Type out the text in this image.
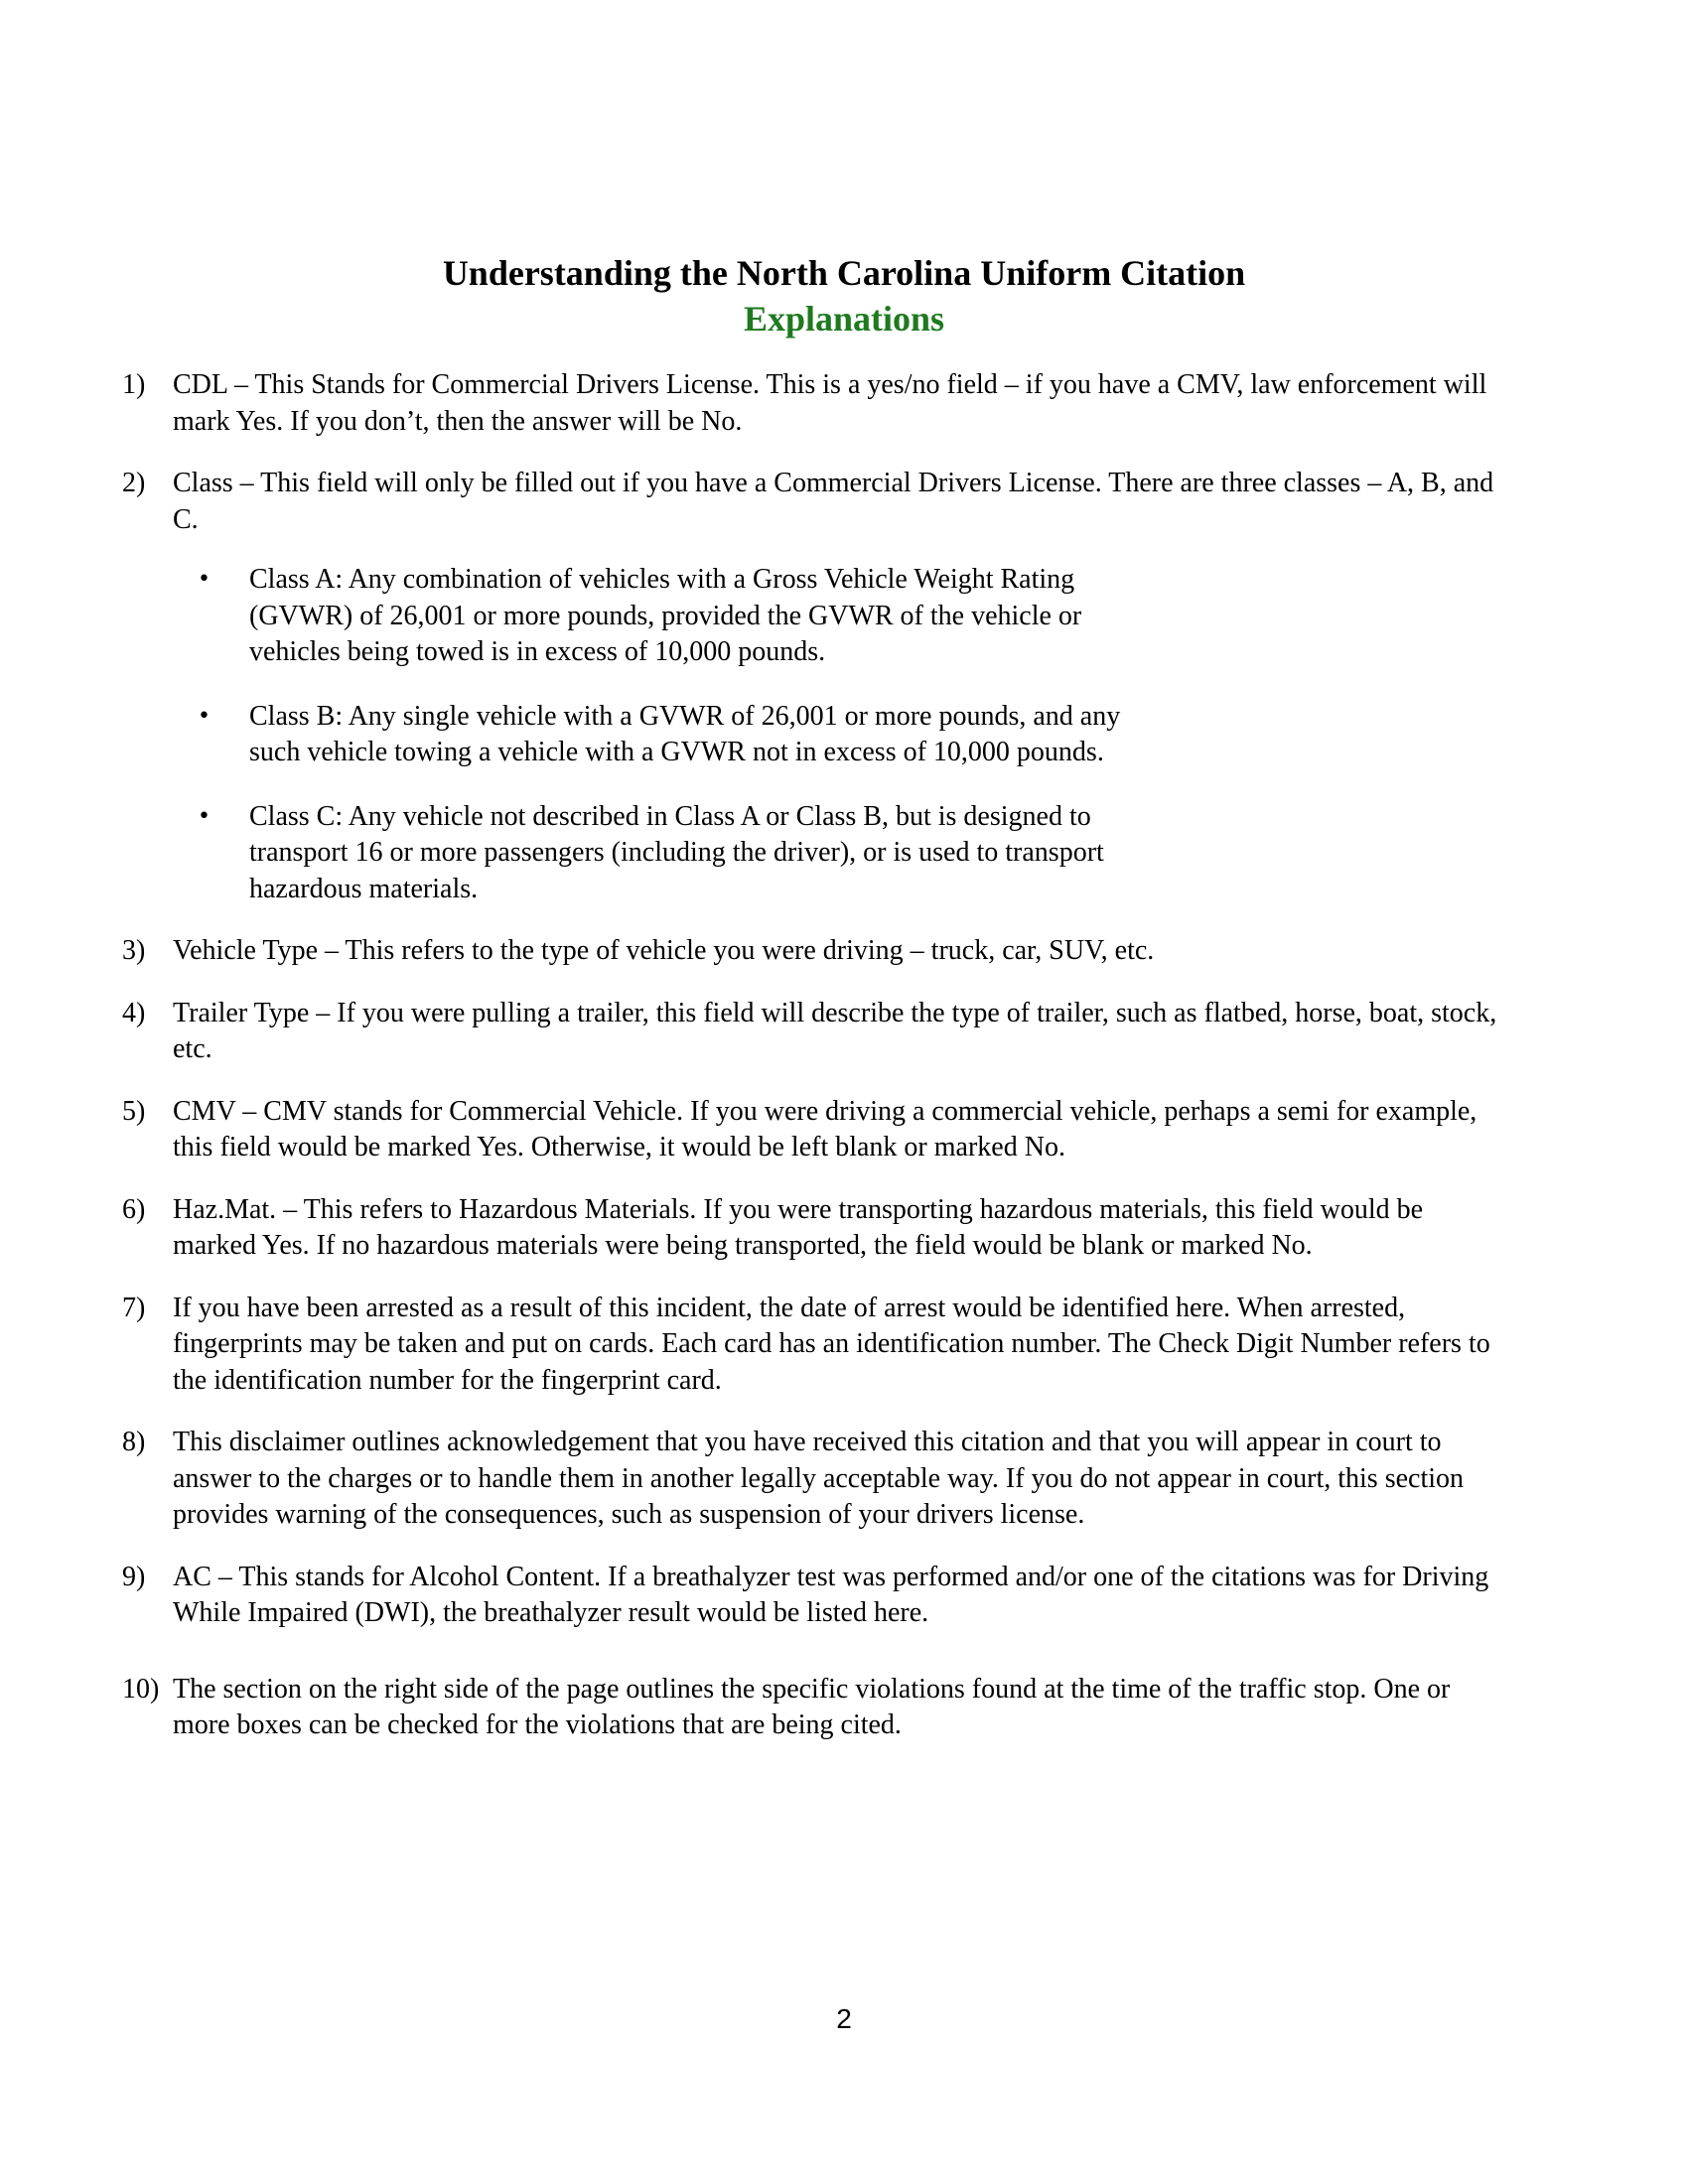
Understanding the North Carolina Uniform Citation
Explanations
1) CDL – This Stands for Commercial Drivers License. This is a yes/no field – if you have a CMV, law enforcement will mark Yes. If you don’t, then the answer will be No.
2) Class – This field will only be filled out if you have a Commercial Drivers License. There are three classes – A, B, and C.
• Class A: Any combination of vehicles with a Gross Vehicle Weight Rating (GVWR) of 26,001 or more pounds, provided the GVWR of the vehicle or vehicles being towed is in excess of 10,000 pounds.
• Class B: Any single vehicle with a GVWR of 26,001 or more pounds, and any such vehicle towing a vehicle with a GVWR not in excess of 10,000 pounds.
• Class C: Any vehicle not described in Class A or Class B, but is designed to transport 16 or more passengers (including the driver), or is used to transport hazardous materials.
3) Vehicle Type – This refers to the type of vehicle you were driving – truck, car, SUV, etc.
4) Trailer Type – If you were pulling a trailer, this field will describe the type of trailer, such as flatbed, horse, boat, stock, etc.
5) CMV – CMV stands for Commercial Vehicle. If you were driving a commercial vehicle, perhaps a semi for example, this field would be marked Yes. Otherwise, it would be left blank or marked No.
6) Haz.Mat. – This refers to Hazardous Materials. If you were transporting hazardous materials, this field would be marked Yes. If no hazardous materials were being transported, the field would be blank or marked No.
7) If you have been arrested as a result of this incident, the date of arrest would be identified here. When arrested, fingerprints may be taken and put on cards. Each card has an identification number. The Check Digit Number refers to the identification number for the fingerprint card.
8) This disclaimer outlines acknowledgement that you have received this citation and that you will appear in court to answer to the charges or to handle them in another legally acceptable way. If you do not appear in court, this section provides warning of the consequences, such as suspension of your drivers license.
9) AC – This stands for Alcohol Content. If a breathalyzer test was performed and/or one of the citations was for Driving While Impaired (DWI), the breathalyzer result would be listed here.
10) The section on the right side of the page outlines the specific violations found at the time of the traffic stop. One or more boxes can be checked for the violations that are being cited.
2
